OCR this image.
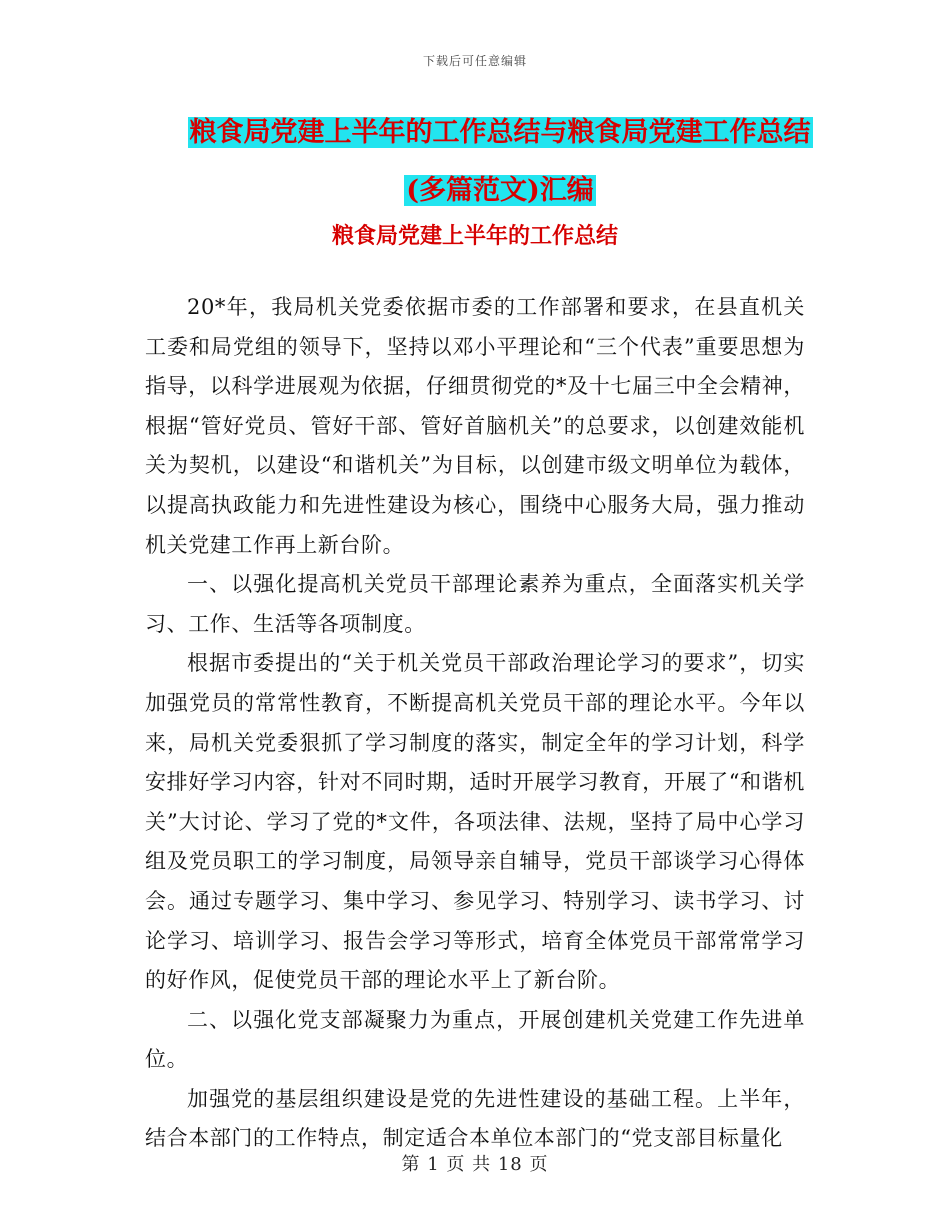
下载后可任意编辑
粮食局党建上半年的工作总结与粮食局党建工作总结
(多篇范文)汇编
粮食局党建上半年的工作总结

20*年，我局机关党委依据市委的工作部署和要求，在县直机关工委和局党组的领导下，坚持以邓小平理论和“三个代表”重要思想为指导，以科学进展观为依据，仔细贯彻党的*及十七届三中全会精神，根据“管好党员、管好干部、管好首脑机关”的总要求，以创建效能机关为契机，以建设“和谐机关”为目标，以创建市级文明单位为载体，以提高执政能力和先进性建设为核心，围绕中心服务大局，强力推动机关党建工作再上新台阶。

一、以强化提高机关党员干部理论素养为重点，全面落实机关学习、工作、生活等各项制度。

根据市委提出的“关于机关党员干部政治理论学习的要求”，切实加强党员的常常性教育，不断提高机关党员干部的理论水平。今年以来，局机关党委狠抓了学习制度的落实，制定全年的学习计划，科学安排好学习内容，针对不同时期，适时开展学习教育，开展了“和谐机关”大讨论、学习了党的*文件，各项法律、法规，坚持了局中心学习组及党员职工的学习制度，局领导亲自辅导，党员干部谈学习心得体会。通过专题学习、集中学习、参见学习、特别学习、读书学习、讨论学习、培训学习、报告会学习等形式，培育全体党员干部常常学习的好作风，促使党员干部的理论水平上了新台阶。

二、以强化党支部凝聚力为重点，开展创建机关党建工作先进单位。

加强党的基层组织建设是党的先进性建设的基础工程。上半年，结合本部门的工作特点，制定适合本单位本部门的“党支部目标量化

第 1 页 共 18 页
